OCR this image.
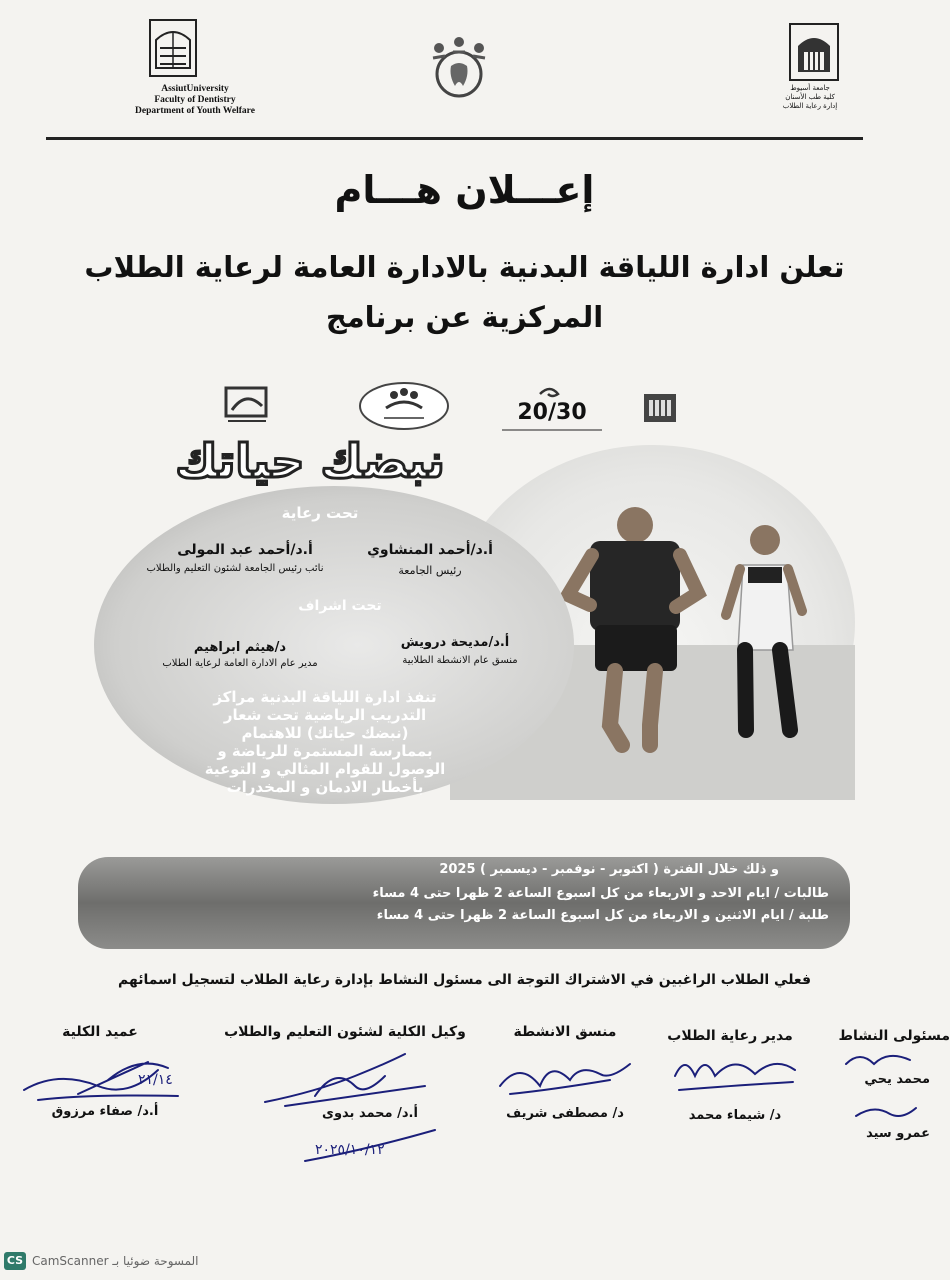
AssiutUniversity
Faculty of Dentistry
Department of Youth Welfare
جامعة أسيوط
كلية طب الأسنان
إدارة رعاية الطلاب
إعـــلان هـــام
تعلن ادارة اللياقة البدنية بالادارة العامة لرعاية الطلاب
المركزية عن برنامج
20/30
نبضك حياتك
تحت رعاية
أ.د/أحمد المنشاوي
رئيس الجامعة
أ.د/أحمد عبد المولى
نائب رئيس الجامعة لشئون التعليم والطلاب
تحت اشراف
أ.د/مديحة درويش
منسق عام الانشطة الطلابية
د/هيثم ابراهيم
مدير عام الادارة العامة لرعاية الطلاب
تنفذ ادارة اللياقة البدنية مراكز
التدريب الرياضية تحت شعار
(نبضك حياتك) للاهتمام
بممارسة المستمرة للرياضة و
الوصول للقوام المثالي و التوعية
بأخطار الادمان و المخدرات
و ذلك خلال الفترة ( اكتوبر - نوفمبر - ديسمبر ) 2025
طالبات / ايام الاحد و الاربعاء من كل اسبوع الساعة 2 ظهرا حتى 4 مساء
طلبة / ايام الاثنين و الاربعاء من كل اسبوع الساعة 2 ظهرا حتى 4 مساء
فعلي الطلاب الراغبين في الاشتراك التوجة الى مسئول النشاط بإدارة رعاية الطلاب لتسجيل اسمائهم
عميد الكلية
٢١/١٤
أ.د/ صفاء مرزوق
وكيل الكلية لشئون التعليم والطلاب
٢٠٢٥/١٠/١٢
أ.د/ محمد بدوى
منسق الانشطة
د/ مصطفى شريف
مدير رعاية الطلاب
د/ شيماء محمد
مسئولى النشاط
محمد يحي
عمرو سيد
CS المسوحة ضوئيا بـ CamScanner
